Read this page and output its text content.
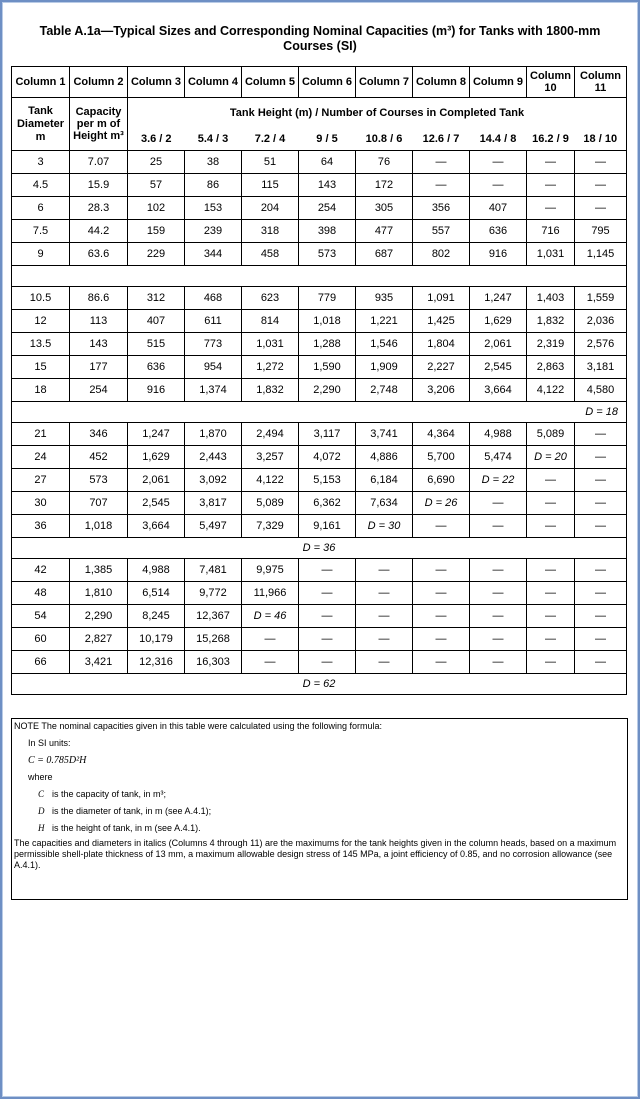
Table A.1a—Typical Sizes and Corresponding Nominal Capacities (m³) for Tanks with 1800-mm Courses (SI)
Column 1	Column 2	Column 3	Column 4	Column 5	Column 6	Column 7	Column 8	Column 9	Column 10	Column 11
Tank Diameter m	Capacity per m of Height m³	Tank Height (m) / Number of Courses in Completed Tank								
		3.6 / 2	5.4 / 3	7.2 / 4	9 / 5	10.8 / 6	12.6 / 7	14.4 / 8	16.2 / 9	18 / 10
3	7.07	25	38	51	64	76	—	—	—	—
4.5	15.9	57	86	115	143	172	—	—	—	—
6	28.3	102	153	204	254	305	356	407	—	—
7.5	44.2	159	239	318	398	477	557	636	716	795
9	63.6	229	344	458	573	687	802	916	1,031	1,145

10.5	86.6	312	468	623	779	935	1,091	1,247	1,403	1,559
12	113	407	611	814	1,018	1,221	1,425	1,629	1,832	2,036
13.5	143	515	773	1,031	1,288	1,546	1,804	2,061	2,319	2,576
15	177	636	954	1,272	1,590	1,909	2,227	2,545	2,863	3,181
18	254	916	1,374	1,832	2,290	2,748	3,206	3,664	4,122	4,580
D = 18										
21	346	1,247	1,870	2,494	3,117	3,741	4,364	4,988	5,089	—
24	452	1,629	2,443	3,257	4,072	4,886	5,700	5,474	D = 20	—
27	573	2,061	3,092	4,122	5,153	6,184	6,690	D = 22	—	—
30	707	2,545	3,817	5,089	6,362	7,634	D = 26	—	—	—
36	1,018	3,664	5,497	7,329	9,161	D = 30	—	—	—	—
D = 36										
42	1,385	4,988	7,481	9,975	—	—	—	—	—	—
48	1,810	6,514	9,772	11,966	—	—	—	—	—	—
54	2,290	8,245	12,367	D = 46	—	—	—	—	—	—
60	2,827	10,179	15,268	—	—	—	—	—	—	—
66	3,421	12,316	16,303	—	—	—	—	—	—	—
D = 62										

NOTE The nominal capacities given in this table were calculated using the following formula:

In SI units:

C = 0.785D²H

where

C is the capacity of tank, in m³;

D is the diameter of tank, in m (see A.4.1);

H is the height of tank, in m (see A.4.1).

The capacities and diameters in italics (Columns 4 through 11) are the maximums for the tank heights given in the column heads, based on a maximum permissible shell-plate thickness of 13 mm, a maximum allowable design stress of 145 MPa, a joint efficiency of 0.85, and no corrosion allowance (see A.4.1).
